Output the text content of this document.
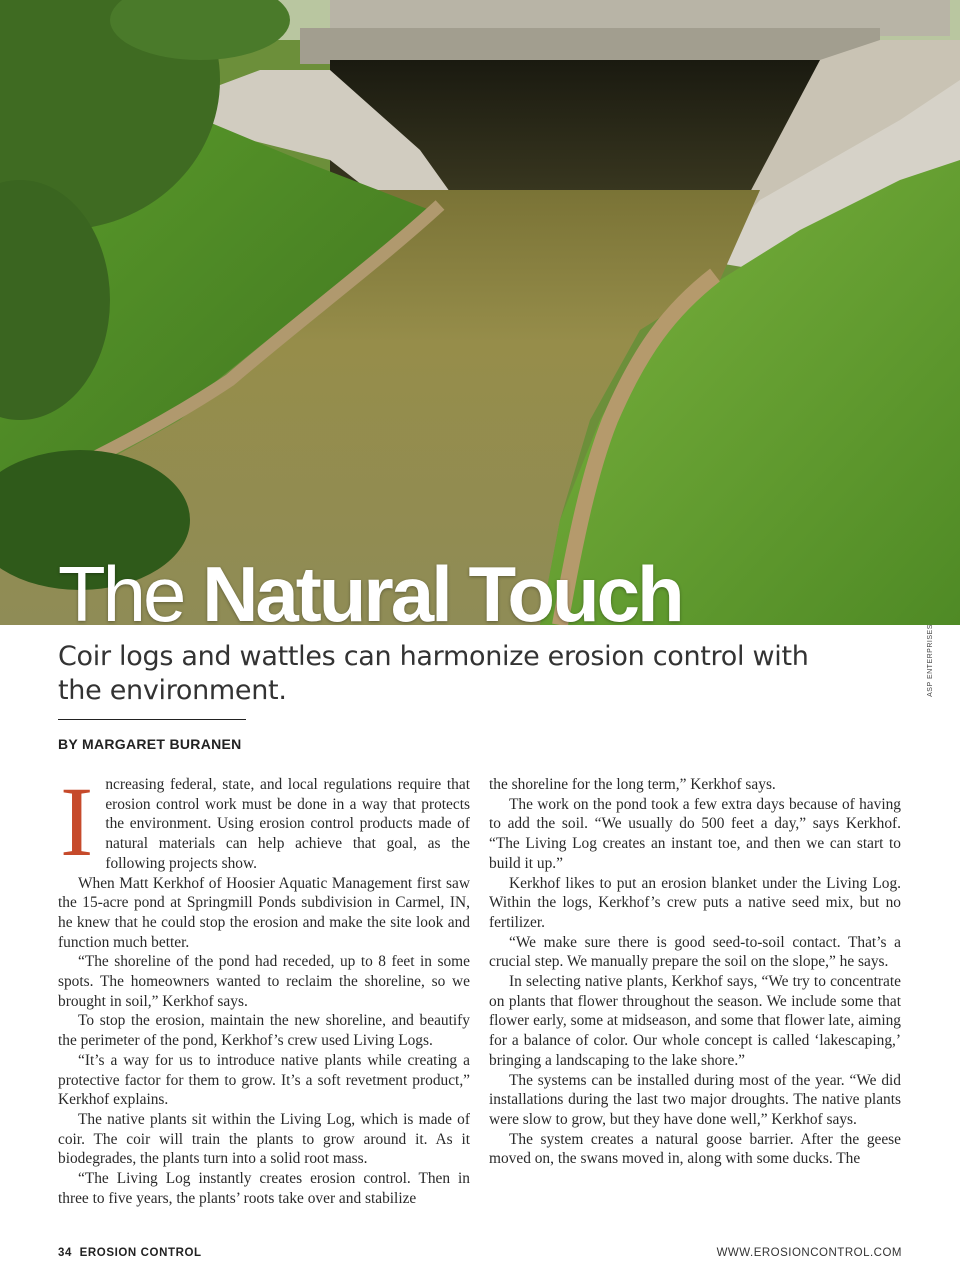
The Natural Touch
ASP ENTERPRISES
Coir logs and wattles can harmonize erosion control with the environment.
BY MARGARET BURANEN

Increasing federal, state, and local regulations require that erosion control work must be done in a way that protects the environment. Using erosion control products made of natural materials can help achieve that goal, as the following projects show.

When Matt Kerkhof of Hoosier Aquatic Management first saw the 15-acre pond at Springmill Ponds subdivision in Carmel, IN, he knew that he could stop the erosion and make the site look and function much better.

“The shoreline of the pond had receded, up to 8 feet in some spots. The homeowners wanted to reclaim the shoreline, so we brought in soil,” Kerkhof says.

To stop the erosion, maintain the new shoreline, and beautify the perimeter of the pond, Kerkhof’s crew used Living Logs.

“It’s a way for us to introduce native plants while creating a protective factor for them to grow. It’s a soft revetment product,” Kerkhof explains.

The native plants sit within the Living Log, which is made of coir. The coir will train the plants to grow around it. As it biodegrades, the plants turn into a solid root mass.

“The Living Log instantly creates erosion control. Then in three to five years, the plants’ roots take over and stabilize

the shoreline for the long term,” Kerkhof says.

The work on the pond took a few extra days because of having to add the soil. “We usually do 500 feet a day,” says Kerkhof. “The Living Log creates an instant toe, and then we can start to build it up.”

Kerkhof likes to put an erosion blanket under the Living Log. Within the logs, Kerkhof’s crew puts a native seed mix, but no fertilizer.

“We make sure there is good seed-to-soil contact. That’s a crucial step. We manually prepare the soil on the slope,” he says.

In selecting native plants, Kerkhof says, “We try to concentrate on plants that flower throughout the season. We include some that flower early, some at midseason, and some that flower late, aiming for a balance of color. Our whole concept is called ‘lakescaping,’ bringing a landscaping to the lake shore.”

The systems can be installed during most of the year. “We did installations during the last two major droughts. The native plants were slow to grow, but they have done well,” Kerkhof says.

The system creates a natural goose barrier. After the geese moved on, the swans moved in, along with some ducks. The

34 EROSION CONTROL	WWW.EROSIONCONTROL.COM
